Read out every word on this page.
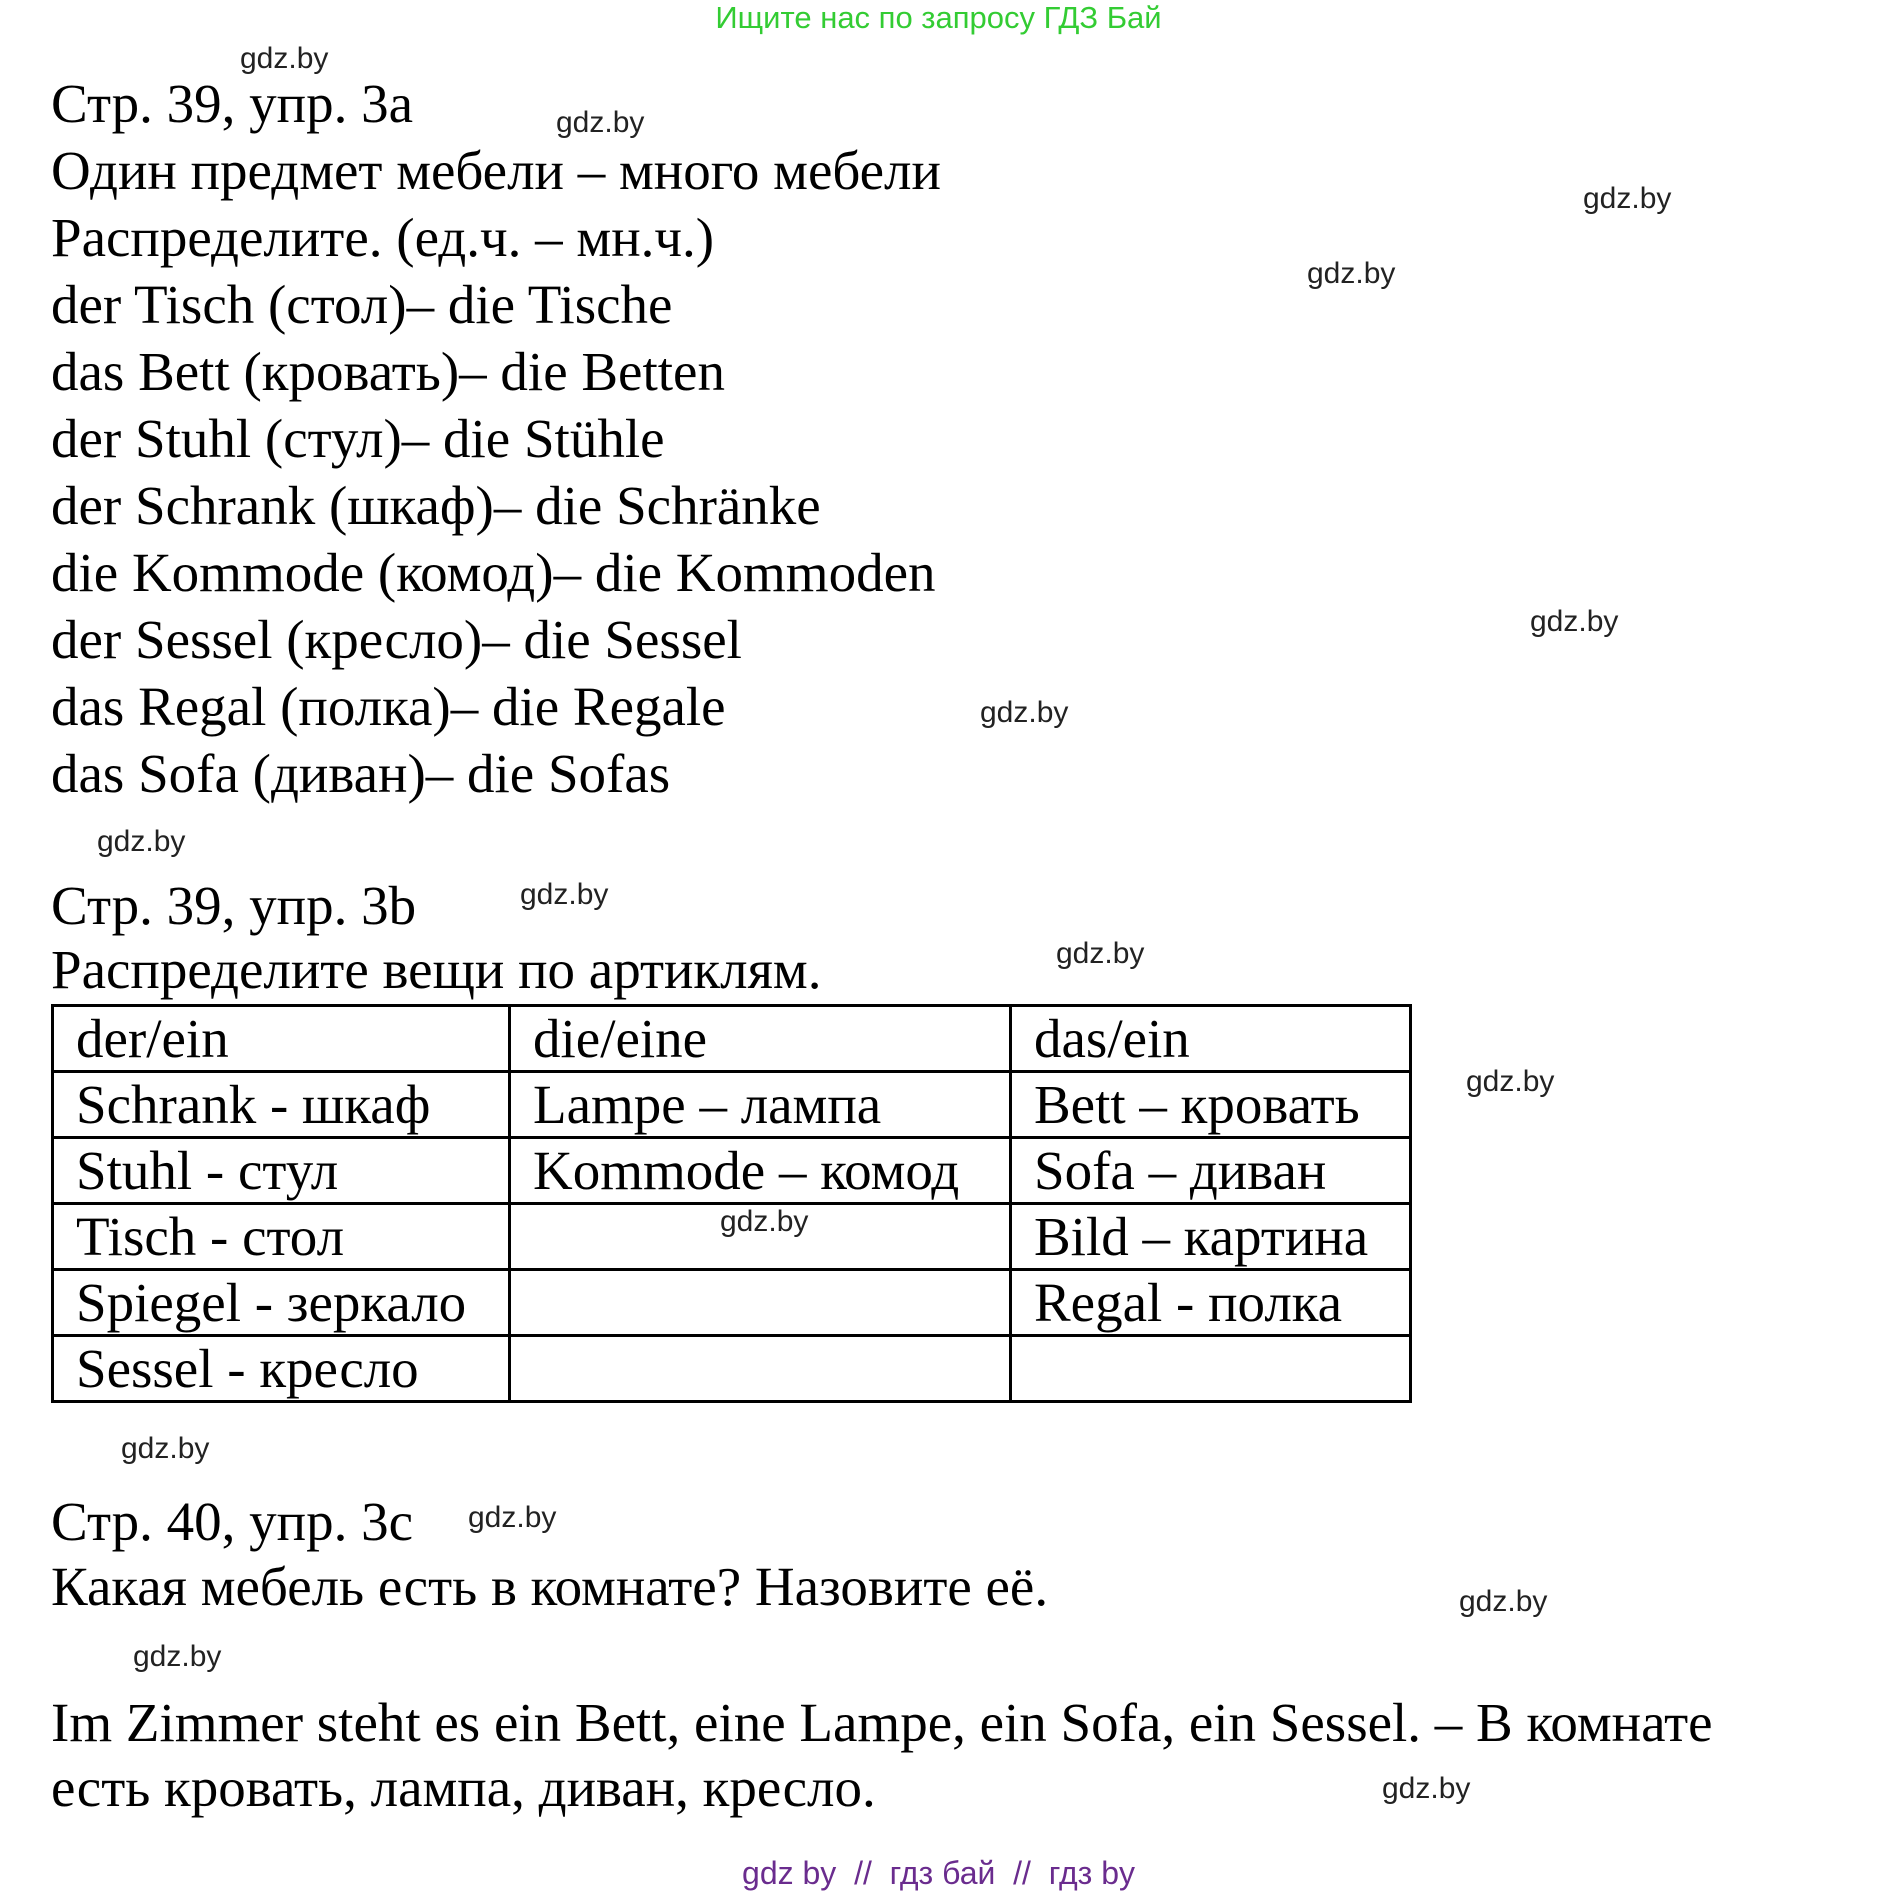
Ищите нас по запросу ГДЗ Бай
Стр. 39, упр. 3а
Один предмет мебели – много мебели
Распределите. (ед.ч. – мн.ч.)
der Tisch (стол)– die Tische
das Bett (кровать)– die Betten
der Stuhl (стул)– die Stühle
der Schrank (шкаф)– die Schränke
die Kommode (комод)– die Kommoden
der Sessel (кресло)– die Sessel
das Regal (полка)– die Regale
das Sofa (диван)– die Sofas
Стр. 39, упр. 3b
Распределите вещи по артиклям.
der/ein	die/eine	das/ein
Schrank - шкаф	Lampe – лампа	Bett – кровать
Stuhl - стул	Kommode – комод	Sofa – диван
Tisch - стол		Bild – картина
Spiegel - зеркало		Regal - полка
Sessel - кресло		
Стр. 40, упр. 3c
Какая мебель есть в комнате? Назовите её.
Im Zimmer steht es ein Bett, eine Lampe, ein Sofa, ein Sessel. – В комнате
есть кровать, лампа, диван, кресло.
gdz.by
gdz.by
gdz.by
gdz.by
gdz.by
gdz.by
gdz.by
gdz.by
gdz.by
gdz.by
gdz.by
gdz.by
gdz.by
gdz.by
gdz.by
gdz.by
gdz by  //  гдз бай  //  гдз by
